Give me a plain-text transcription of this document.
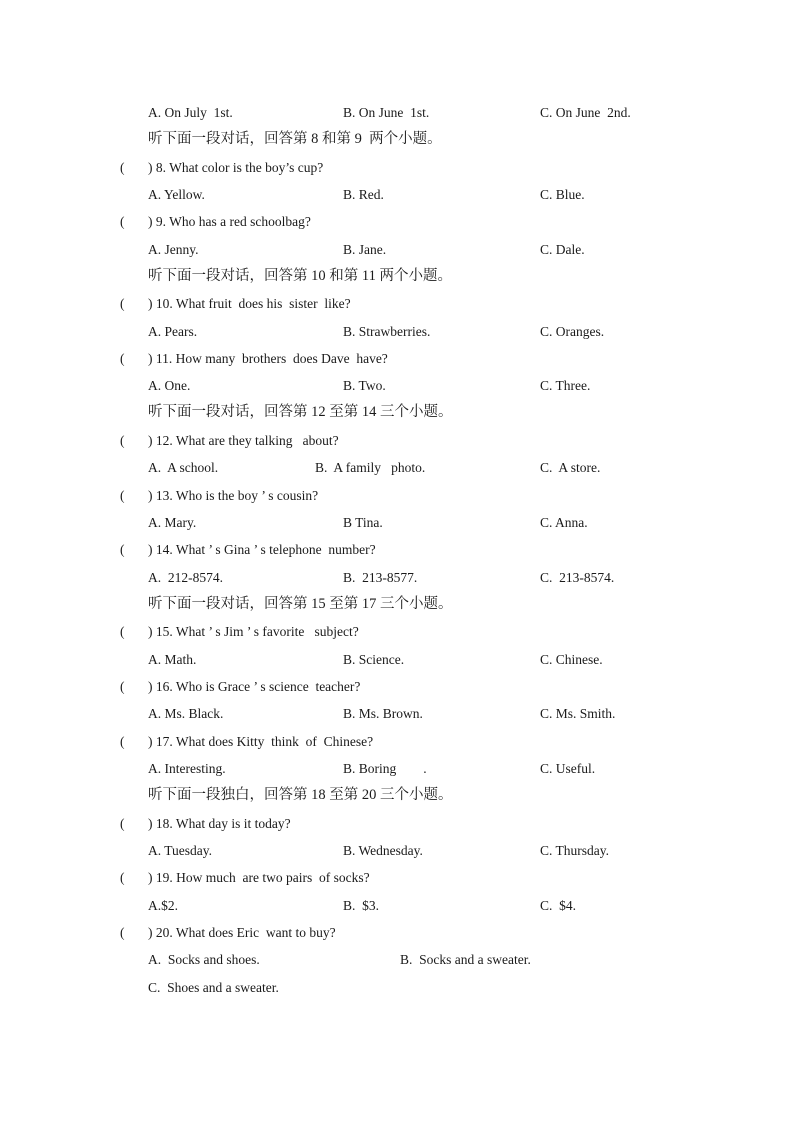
A. On July  1st.	B. On June  1st.	C. On June  2nd.
听下面一段对话，回答第 8 和第 9  两个小题。
( ) 8. What color is the boy’s cup?
A. Yellow.	B. Red.	C. Blue.
( ) 9. Who has a red schoolbag?
A. Jenny.	B. Jane.	C. Dale.
听下面一段对话，回答第 10 和第 11 两个小题。
( ) 10. What fruit  does his  sister  like?
A. Pears.	B. Strawberries.	C. Oranges.
( ) 11. How many  brothers  does Dave  have?
A. One.	B. Two.	C. Three.
听下面一段对话，回答第 12 至第 14 三个小题。
( ) 12. What are they talking   about?
A.  A school.	B.  A family   photo.	C.  A store.
( ) 13. Who is the boy ’ s cousin?
A. Mary.	B Tina.	C. Anna.
( ) 14. What ’ s Gina ’ s telephone  number?
A.  212-8574.	B.  213-8577.	C.  213-8574.
听下面一段对话，回答第 15 至第 17 三个小题。
( ) 15. What ’ s Jim ’ s favorite   subject?
A. Math.	B. Science.	C. Chinese.
( ) 16. Who is Grace ’ s science  teacher?
A. Ms. Black.	B. Ms. Brown.	C. Ms. Smith.
( ) 17. What does Kitty  think  of  Chinese?
A. Interesting.	B. Boring        .	C. Useful.
听下面一段独白，回答第 18 至第 20 三个小题。
( ) 18. What day is it today?
A. Tuesday.	B. Wednesday.	C. Thursday.
( ) 19. How much  are two pairs  of socks?
A.$2.	B.  $3.	C.  $4.
( ) 20. What does Eric  want to buy?
A.  Socks and shoes.	B.  Socks and a sweater.
C.  Shoes and a sweater.
